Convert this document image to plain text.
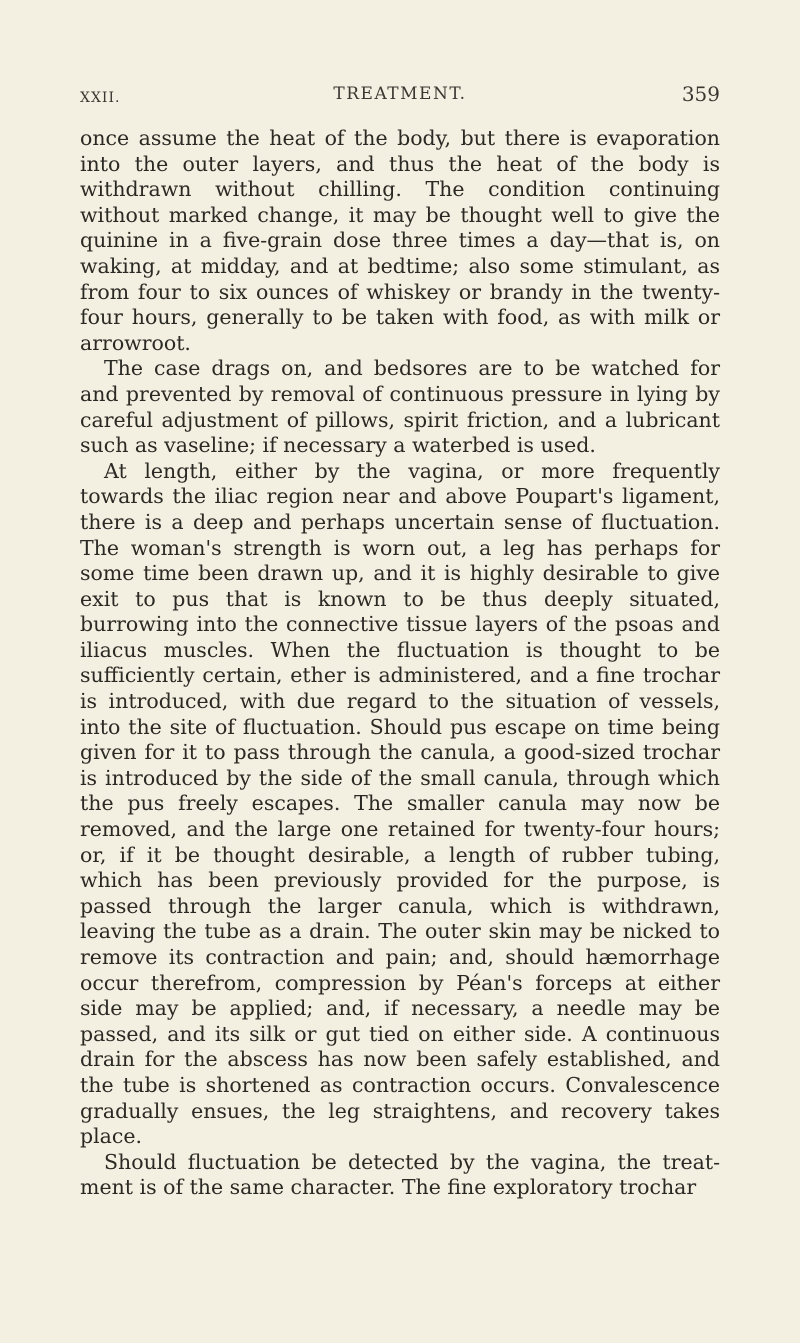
XXII.	TREATMENT.	359

once assume the heat of the body, but there is evaporation into the outer layers, and thus the heat of the body is withdrawn without chilling. The condition continuing without marked change, it may be thought well to give the quinine in a five-grain dose three times a day—that is, on waking, at midday, and at bedtime; also some stimulant, as from four to six ounces of whiskey or brandy in the twenty-four hours, generally to be taken with food, as with milk or arrowroot.

The case drags on, and bedsores are to be watched for and prevented by removal of continuous pressure in lying by careful adjustment of pillows, spirit friction, and a lubricant such as vaseline; if necessary a waterbed is used.

At length, either by the vagina, or more frequently towards the iliac region near and above Poupart's ligament, there is a deep and perhaps uncertain sense of fluctuation. The woman's strength is worn out, a leg has perhaps for some time been drawn up, and it is highly desirable to give exit to pus that is known to be thus deeply situated, burrowing into the connective tissue layers of the psoas and iliacus muscles. When the fluctuation is thought to be sufficiently certain, ether is administered, and a fine trochar is introduced, with due regard to the situation of vessels, into the site of fluctuation. Should pus escape on time being given for it to pass through the canula, a good-sized trochar is introduced by the side of the small canula, through which the pus freely escapes. The smaller canula may now be removed, and the large one retained for twenty-four hours; or, if it be thought desirable, a length of rubber tubing, which has been previously provided for the purpose, is passed through the larger canula, which is withdrawn, leaving the tube as a drain. The outer skin may be nicked to remove its contraction and pain; and, should hæmorrhage occur therefrom, compression by Péan's forceps at either side may be applied; and, if necessary, a needle may be passed, and its silk or gut tied on either side. A continuous drain for the abscess has now been safely established, and the tube is shortened as contraction occurs. Convalescence gradually ensues, the leg straightens, and recovery takes place.

Should fluctuation be detected by the vagina, the treatment is of the same character. The fine exploratory trochar
